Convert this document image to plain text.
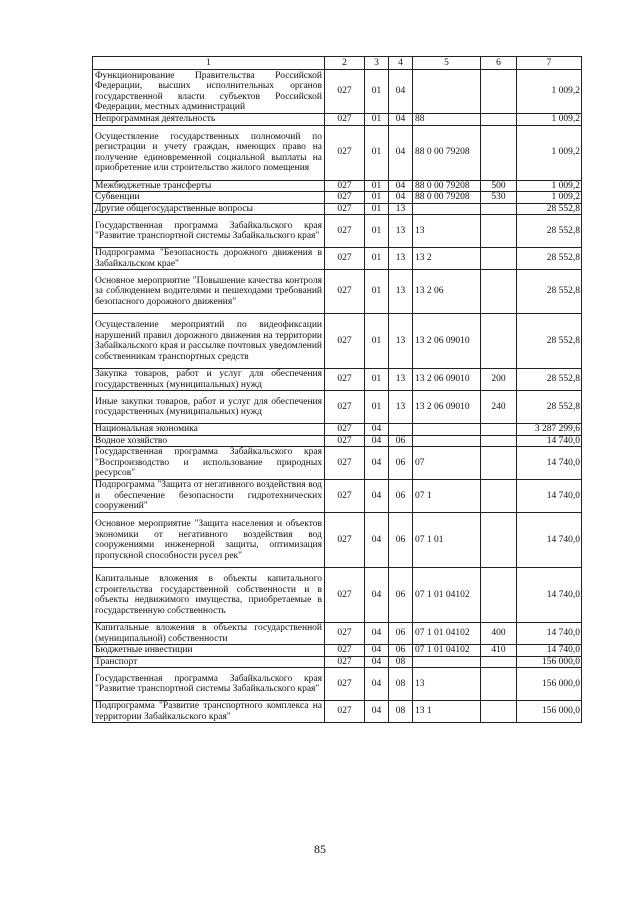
1	2	3	4	5	6	7
Функционирование Правительства Российской Федерации, высших исполнительных органов государственной власти субъектов Российской Федерации, местных администраций	027	01	04			1 009,2
Непрограммная деятельность	027	01	04	88		1 009,2
Осуществление государственных полномочий по регистрации и учету граждан, имеющих право на получение единовременной социальной выплаты на приобретение или строительство жилого помещения	027	01	04	88 0 00 79208		1 009,2
Межбюджетные трансферты	027	01	04	88 0 00 79208	500	1 009,2
Субвенции	027	01	04	88 0 00 79208	530	1 009,2
Другие общегосударственные вопросы	027	01	13			28 552,8
Государственная программа Забайкальского края "Развитие транспортной системы Забайкальского края"	027	01	13	13		28 552,8
Подпрограмма "Безопасность дорожного движения в Забайкальском крае"	027	01	13	13 2		28 552,8
Основное мероприятие "Повышение качества контроля за соблюдением водителями и пешеходами требований безопасного дорожного движения"	027	01	13	13 2 06		28 552,8
Осуществление мероприятий по видеофиксации нарушений правил дорожного движения на территории Забайкальского края и рассылке почтовых уведомлений собственникам транспортных средств	027	01	13	13 2 06 09010		28 552,8
Закупка товаров, работ и услуг для обеспечения государственных (муниципальных) нужд	027	01	13	13 2 06 09010	200	28 552,8
Иные закупки товаров, работ и услуг для обеспечения государственных (муниципальных) нужд	027	01	13	13 2 06 09010	240	28 552,8
Национальная экономика	027	04				3 287 299,6
Водное хозяйство	027	04	06			14 740,0
Государственная программа Забайкальского края "Воспроизводство и использование природных ресурсов"	027	04	06	07		14 740,0
Подпрограмма "Защита от негативного воздействия вод и обеспечение безопасности гидротехнических сооружений"	027	04	06	07 1		14 740,0
Основное мероприятие "Защита населения и объектов экономики от негативного воздействия вод сооружениями инженерной защиты, оптимизация пропускной способности русел рек"	027	04	06	07 1 01		14 740,0
Капитальные вложения в объекты капитального строительства государственной собственности и в объекты недвижимого имущества, приобретаемые в государственную собственность	027	04	06	07 1 01 04102		14 740,0
Капитальные вложения в объекты государственной (муниципальной) собственности	027	04	06	07 1 01 04102	400	14 740,0
Бюджетные инвестиции	027	04	06	07 1 01 04102	410	14 740,0
Транспорт	027	04	08			156 000,0
Государственная программа Забайкальского края "Развитие транспортной системы Забайкальского края"	027	04	08	13		156 000,0
Подпрограмма "Развитие транспортного комплекса на территории Забайкальского края"	027	04	08	13 1		156 000,0
85
